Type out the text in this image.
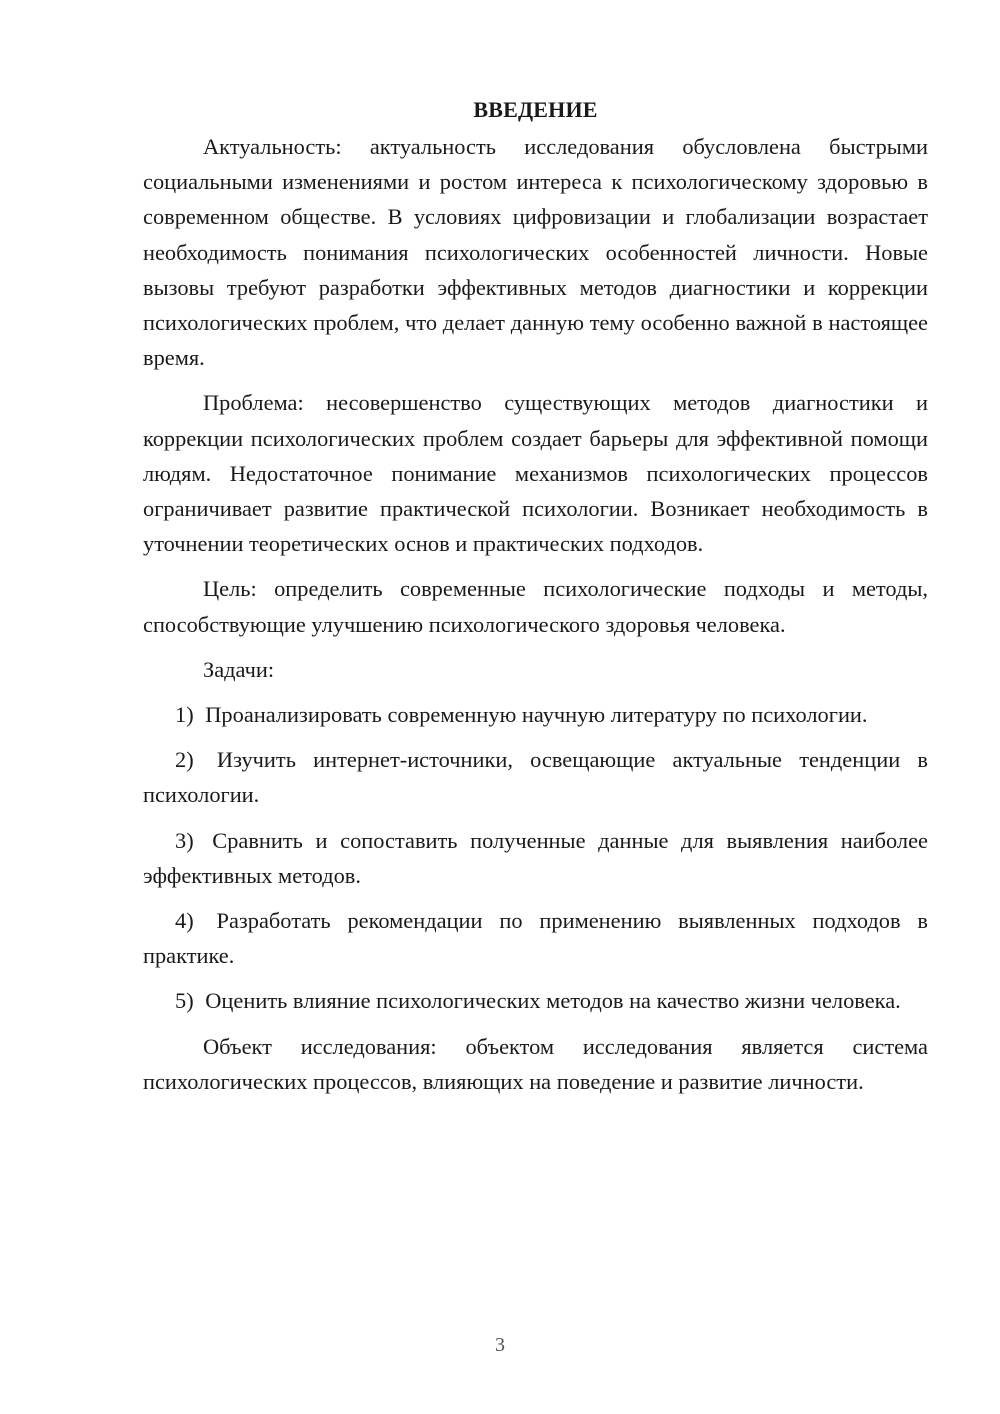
ВВЕДЕНИЕ

Актуальность: актуальность исследования обусловлена быстрыми социальными изменениями и ростом интереса к психологическому здоровью в современном обществе. В условиях цифровизации и глобализации возрастает необходимость понимания психологических особенностей личности. Новые вызовы требуют разработки эффективных методов диагностики и коррекции психологических проблем, что делает данную тему особенно важной в настоящее время.

Проблема: несовершенство существующих методов диагностики и коррекции психологических проблем создает барьеры для эффективной помощи людям. Недостаточное понимание механизмов психологических процессов ограничивает развитие практической психологии. Возникает необходимость в уточнении теоретических основ и практических подходов.

Цель: определить современные психологические подходы и методы, способствующие улучшению психологического здоровья человека.

Задачи:

1) Проанализировать современную научную литературу по психологии.

2) Изучить интернет-источники, освещающие актуальные тенденции в психологии.

3) Сравнить и сопоставить полученные данные для выявления наиболее эффективных методов.

4) Разработать рекомендации по применению выявленных подходов в практике.

5) Оценить влияние психологических методов на качество жизни человека.

Объект исследования: объектом исследования является система психологических процессов, влияющих на поведение и развитие личности.

3
